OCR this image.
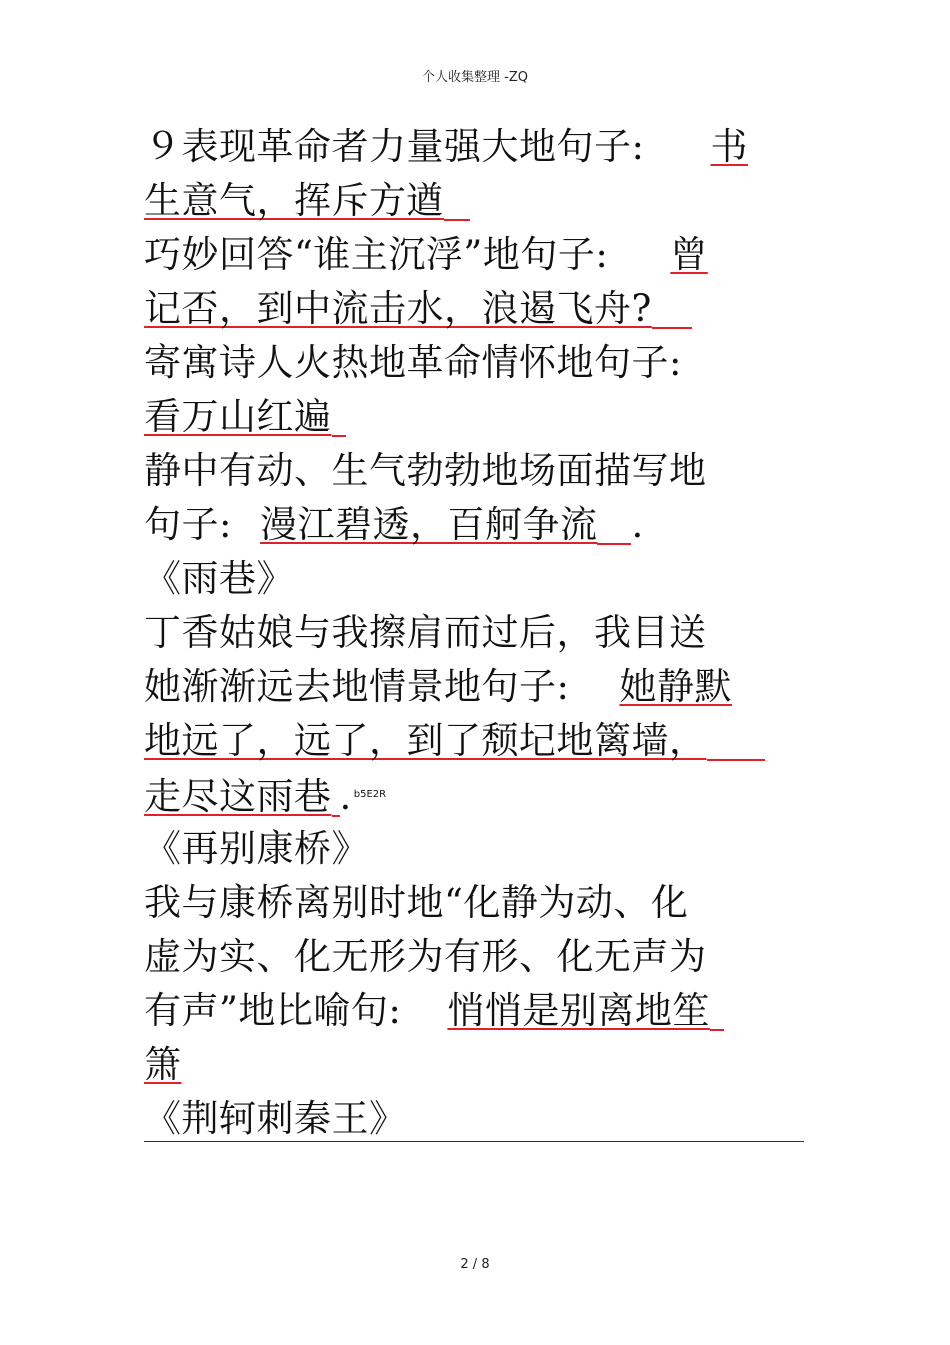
个人收集整理 -ZQ
９表现革命者力量强大地句子: 书
生意气，挥斥方遒
巧妙回答“谁主沉浮”地句子: 曾
记否，到中流击水，浪遏飞舟?
寄寓诗人火热地革命情怀地句子:
看万山红遍
静中有动、生气勃勃地场面描写地
句子: 漫江碧透，百舸争流 .
《雨巷》
丁香姑娘与我擦肩而过后，我目送
她渐渐远去地情景地句子: 她静默
地远了，远了，到了颓圮地篱墙，
走尽这雨巷 . $^{b5E2R}$
《再别康桥》
我与康桥离别时地“化静为动、化
虚为实、化无形为有形、化无声为
有声”地比喻句: 悄悄是别离地笙
箫
《荆轲刺秦王》
2 / 8
